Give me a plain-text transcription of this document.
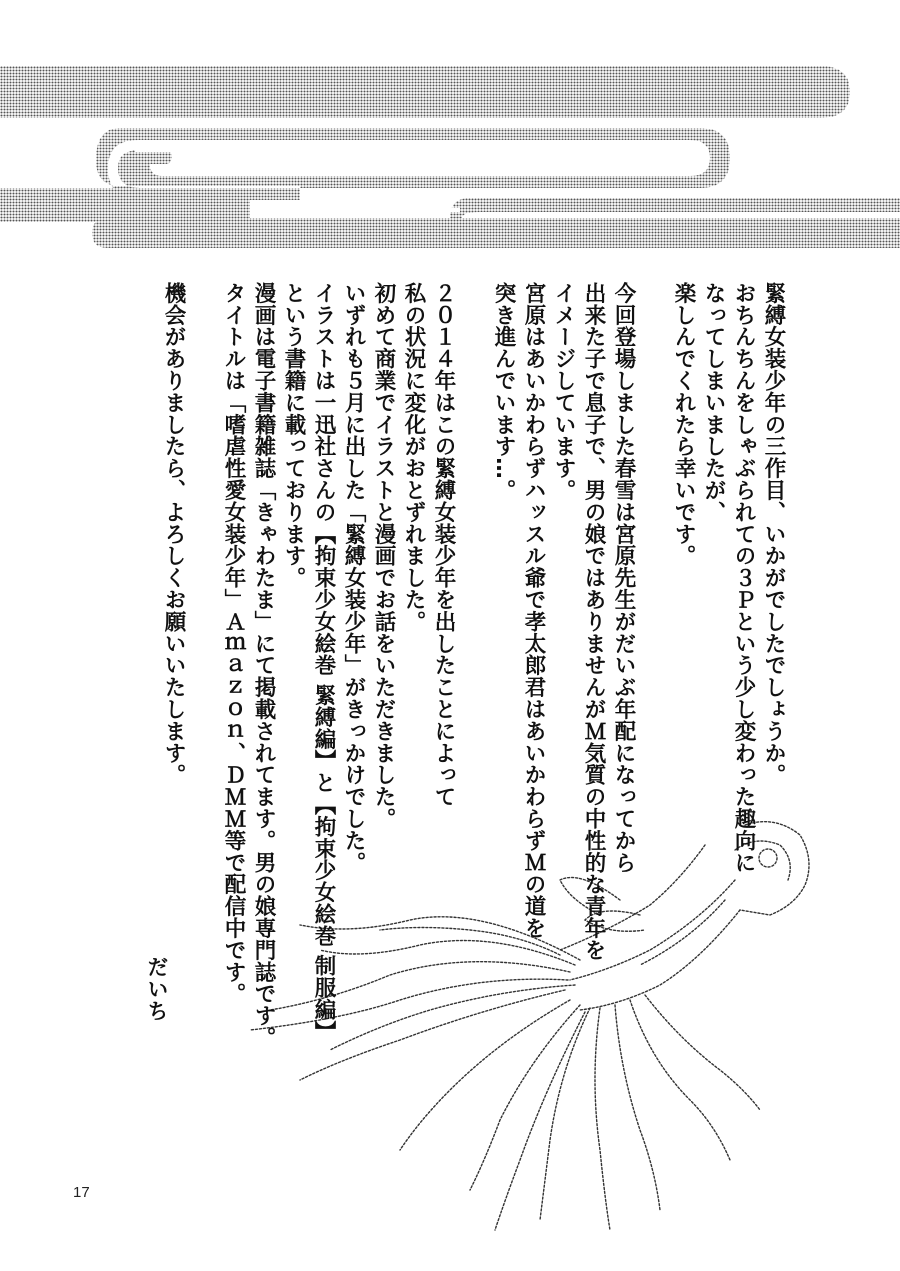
緊縛女装少年の三作目、いかがでしたでしょうか。
おちんちんをしゃぶられての３Ｐという少し変わった趣向に
なってしまいましたが、
楽しんでくれたら幸いです。
今回登場しました春雪は宮原先生がだいぶ年配になってから
出来た子で息子で、男の娘ではありませんがＭ気質の中性的な青年を
イメージしています。
宮原はあいかわらずハッスル爺で孝太郎君はあいかわらずＭの道を
突き進んでいます…。
２０１４年はこの緊縛女装少年を出したことによって
私の状況に変化がおとずれました。
初めて商業でイラストと漫画でお話をいただきました。
いずれも５月に出した「緊縛女装少年」がきっかけでした。
イラストは一迅社さんの【拘束少女絵巻 緊縛編】と【拘束少女絵巻 制服編】
という書籍に載っております。
漫画は電子書籍雑誌「きゃわたま」にて掲載されてます。男の娘専門誌です。
タイトルは「嗜虐性愛女装少年」Ａｍａｚｏｎ、ＤＭＭ等で配信中です。
機会がありましたら、よろしくお願いいたします。
だいち
17
